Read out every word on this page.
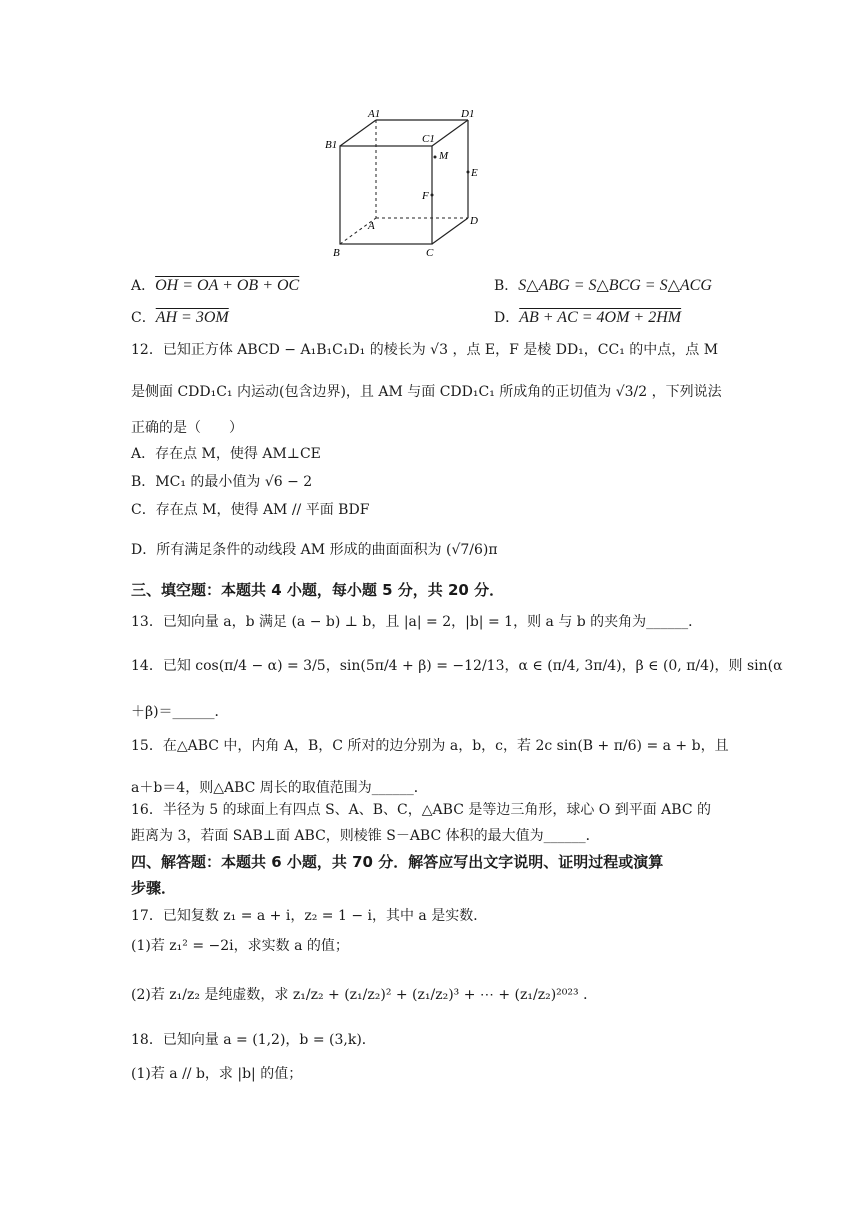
A1	D1
B1	C1
M
E
F
A
B	C
D
A．OH = OA + OB + OC	B．S△ABG = S△BCG = S△ACG
C．AH = 3OM	D．AB + AC = 4OM + 2HM
12．已知正方体 ABCD − A₁B₁C₁D₁ 的棱长为 √3 ，点 E，F 是棱 DD₁，CC₁ 的中点，点 M
是侧面 CDD₁C₁ 内运动(包含边界)，且 AM 与面 CDD₁C₁ 所成角的正切值为 √3/2 ，下列说法
正确的是（　　）
A．存在点 M，使得 AM⊥CE
B．MC₁ 的最小值为 √6 − 2
C．存在点 M，使得 AM // 平面 BDF
D．所有满足条件的动线段 AM 形成的曲面面积为 (√7/6)π
三、填空题：本题共 4 小题，每小题 5 分，共 20 分．
13．已知向量 a，b 满足 (a − b) ⊥ b，且 |a| = 2，|b| = 1，则 a 与 b 的夹角为______．
14．已知 cos(π/4 − α) = 3/5，sin(5π/4 + β) = −12/13，α ∈ (π/4, 3π/4)，β ∈ (0, π/4)，则 sin(α
＋β)＝______．
15．在△ABC 中，内角 A，B，C 所对的边分别为 a，b，c，若 2c sin(B + π/6) = a + b，且
a＋b＝4，则△ABC 周长的取值范围为______．
16．半径为 5 的球面上有四点 S、A、B、C，△ABC 是等边三角形，球心 O 到平面 ABC 的
距离为 3，若面 SAB⊥面 ABC，则棱锥 S－ABC 体积的最大值为______．
四、解答题：本题共 6 小题，共 70 分．解答应写出文字说明、证明过程或演算
步骤．
17．已知复数 z₁ = a + i，z₂ = 1 − i，其中 a 是实数．
(1)若 z₁² = −2i，求实数 a 的值；
(2)若 z₁/z₂ 是纯虚数，求 z₁/z₂ + (z₁/z₂)² + (z₁/z₂)³ + ⋯ + (z₁/z₂)²⁰²³ ．
18．已知向量 a = (1,2)，b = (3,k)．
(1)若 a // b，求 |b| 的值；
